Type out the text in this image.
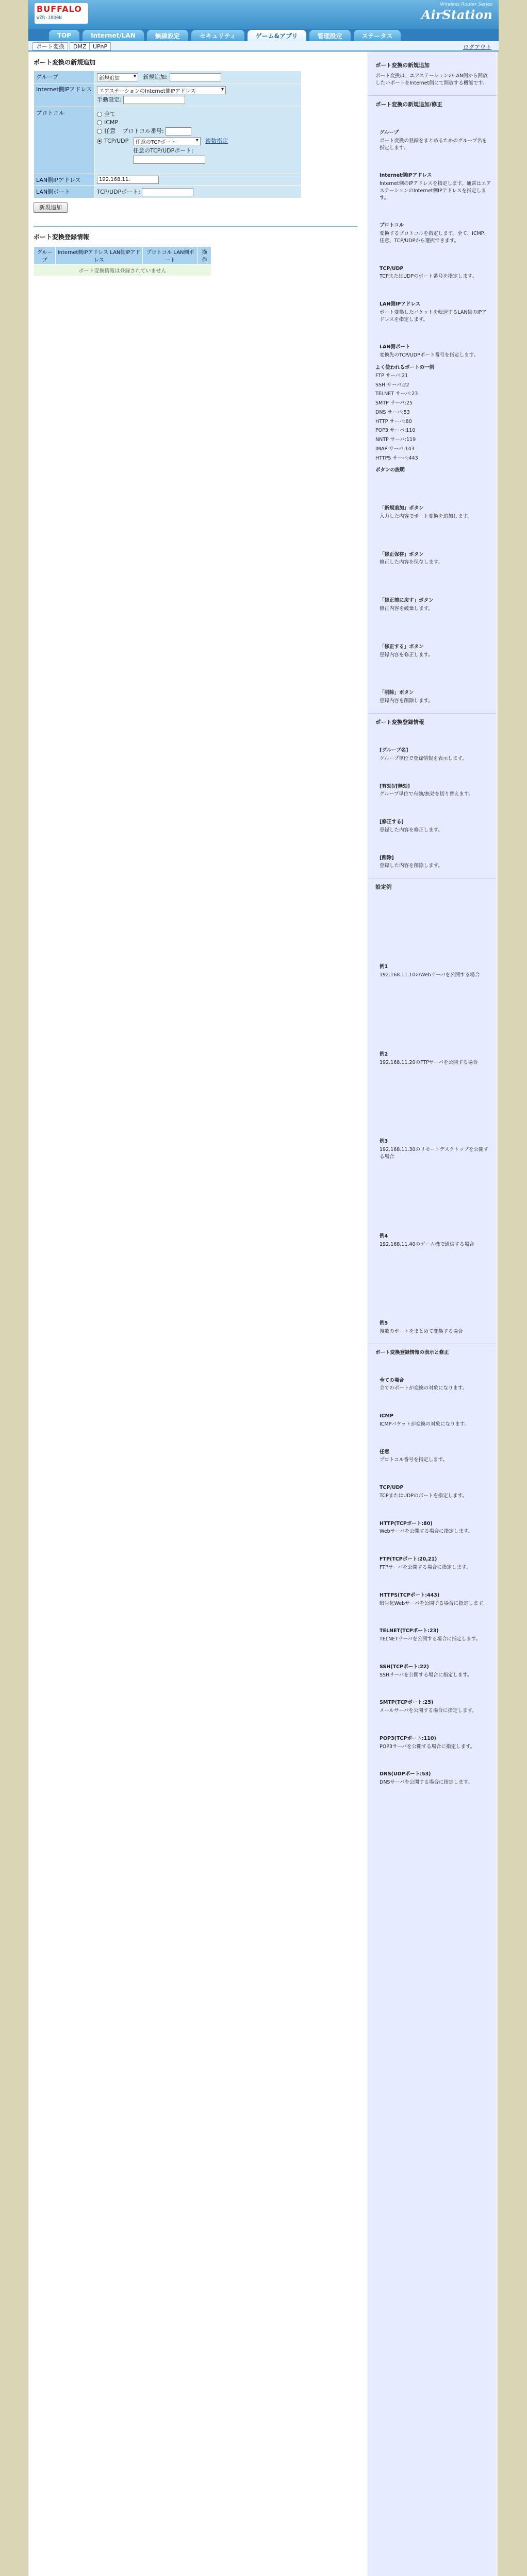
BUFFALO
WZR-1800N
Wireless Router Series
AirStation
TOP	Internet/LAN	無線設定	セキュリティ	ゲーム&アプリ	管理設定	ステータス
ポート変換	DMZ	UPnP	ログアウト
ポート変換の新規追加
グループ	新規追加 ▾ 新規追加:
Internet側IPアドレス	エアステーションのInternet側IPアドレス ▾
手動設定:

プロトコル	全て
ICMP
任意 プロトコル番号:
TCP/UDP 任意のTCPポート ▾ 複数指定
任意のTCP/UDPポート:

LAN側IPアドレス	192.168.11.
LAN側ポート	TCP/UDPポート:
新規追加
ポート変換登録情報
グループ	Internet側IPアドレス LAN側IPアドレス	プロトコル LAN側ポート	操作
ポート変換情報は登録されていません
ポート変換の新規追加
ポート変換は、エアステーションのLAN側から開放したいポートをInternet側にて開放する機能です。
ポート変換の新規追加/修正
グループ
ポート変換の登録をまとめるためのグループ名を指定します。
Internet側IPアドレス
Internet側のIPアドレスを指定します。通常はエアステーションのInternet側IPアドレスを指定します。
プロトコル
変換するプロトコルを指定します。全て、ICMP、任意、TCP/UDPから選択できます。
TCP/UDP
TCPまたはUDPのポート番号を指定します。
LAN側IPアドレス
ポート変換したパケットを転送するLAN側のIPアドレスを指定します。
LAN側ポート
変換先のTCP/UDPポート番号を指定します。
よく使われるポートの一例
FTP サーバ:21
SSH サーバ:22
TELNET サーバ:23
SMTP サーバ:25
DNS サーバ:53
HTTP サーバ:80
POP3 サーバ:110
NNTP サーバ:119
IMAP サーバ:143
HTTPS サーバ:443
ボタンの説明
「新規追加」ボタン
入力した内容でポート変換を追加します。
「修正保存」ボタン
修正した内容を保存します。
「修正前に戻す」ボタン
修正内容を破棄します。
「修正する」ボタン
登録内容を修正します。
「削除」ボタン
登録内容を削除します。
ポート変換登録情報
[グループ名]
グループ単位で登録情報を表示します。
[有効]/[無効]
グループ単位で有効/無効を切り替えます。
[修正する]
登録した内容を修正します。
[削除]
登録した内容を削除します。
設定例
例1
192.168.11.10のWebサーバを公開する場合
例2
192.168.11.20のFTPサーバを公開する場合
例3
192.168.11.30のリモートデスクトップを公開する場合
例4
192.168.11.40のゲーム機で通信する場合
例5
複数のポートをまとめて変換する場合
ポート変換登録情報の表示と修正
全ての場合
全てのポートが変換の対象になります。
ICMP
ICMPパケットが変換の対象になります。
任意
プロトコル番号を指定します。
TCP/UDP
TCPまたはUDPのポートを指定します。
HTTP(TCPポート:80)
Webサーバを公開する場合に指定します。
FTP(TCPポート:20,21)
FTPサーバを公開する場合に指定します。
HTTPS(TCPポート:443)
暗号化Webサーバを公開する場合に指定します。
TELNET(TCPポート:23)
TELNETサーバを公開する場合に指定します。
SSH(TCPポート:22)
SSHサーバを公開する場合に指定します。
SMTP(TCPポート:25)
メールサーバを公開する場合に指定します。
POP3(TCPポート:110)
POP3サーバを公開する場合に指定します。
DNS(UDPポート:53)
DNSサーバを公開する場合に指定します。
